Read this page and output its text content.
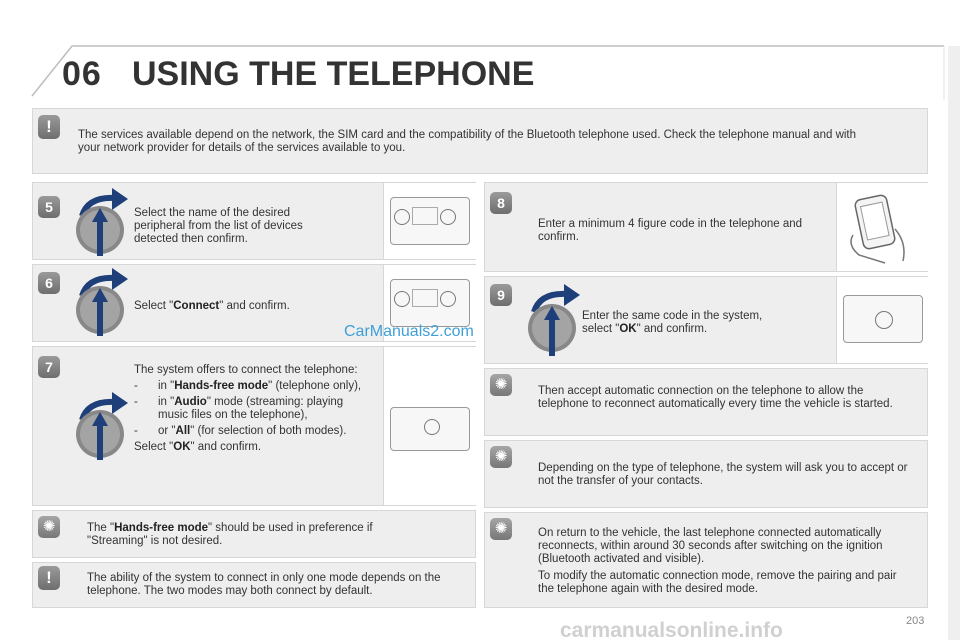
06 USING THE TELEPHONE
!	The services available depend on the network, the SIM card and the compatibility of the Bluetooth telephone used. Check the telephone manual and with your network provider for details of the services available to you.
5	Select the name of the desired peripheral from the list of devices detected then confirm.
6
Select "Connect" and confirm.
CarManuals2.com
7	The system offers to connect the telephone:
- in "Hands-free mode" (telephone only),
- in "Audio" mode (streaming: playing music files on the telephone),
- or "All" (for selection of both modes).
Select "OK" and confirm.
✺	The "Hands-free mode" should be used in preference if "Streaming" is not desired.
!	The ability of the system to connect in only one mode depends on the telephone. The two modes may both connect by default.
8
Enter a minimum 4 figure code in the telephone and confirm.
9
Enter the same code in the system,
select "OK" and confirm.
✺	Then accept automatic connection on the telephone to allow the telephone to reconnect automatically every time the vehicle is started.
✺
Depending on the type of telephone, the system will ask you to accept or not the transfer of your contacts.
✺	On return to the vehicle, the last telephone connected automatically reconnects, within around 30 seconds after switching on the ignition (Bluetooth activated and visible).
To modify the automatic connection mode, remove the pairing and pair the telephone again with the desired mode.
carmanualsonline.info	203
